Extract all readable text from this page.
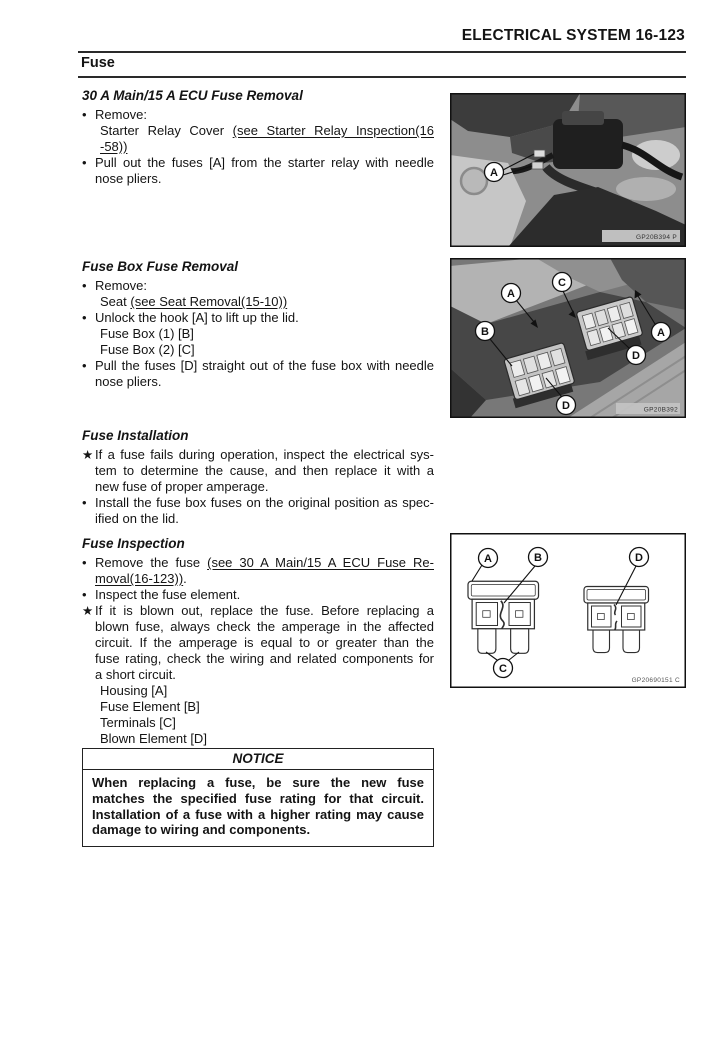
ELECTRICAL SYSTEM 16-123
Fuse
30 A Main/15 A ECU Fuse Removal
• Remove:
Starter Relay Cover (see Starter Relay Inspection(16
-58))
• Pull out the fuses [A] from the starter relay with needle
nose pliers.
Fuse Box Fuse Removal
• Remove:
Seat (see Seat Removal(15-10))
• Unlock the hook [A] to lift up the lid.
Fuse Box (1) [B]
Fuse Box (2) [C]
• Pull the fuses [D] straight out of the fuse box with needle
nose pliers.
Fuse Installation
★ If a fuse fails during operation, inspect the electrical sys-
tem to determine the cause, and then replace it with a
new fuse of proper amperage.
• Install the fuse box fuses on the original position as spec-
ified on the lid.
Fuse Inspection
• Remove the fuse (see 30 A Main/15 A ECU Fuse Re-
moval(16-123)).
• Inspect the fuse element.
★ If it is blown out, replace the fuse. Before replacing a
blown fuse, always check the amperage in the affected
circuit. If the amperage is equal to or greater than the
fuse rating, check the wiring and related components for
a short circuit.
Housing [A]
Fuse Element [B]
Terminals [C]
Blown Element [D]
NOTICE
When replacing a fuse, be sure the new fuse
matches the specified fuse rating for that circuit.
Installation of a fuse with a higher rating may cause
damage to wiring and components.
A
GP20B394 P
A
C
B	A
D
D	GP20B392
A	B	D
C
GP20690151 C
